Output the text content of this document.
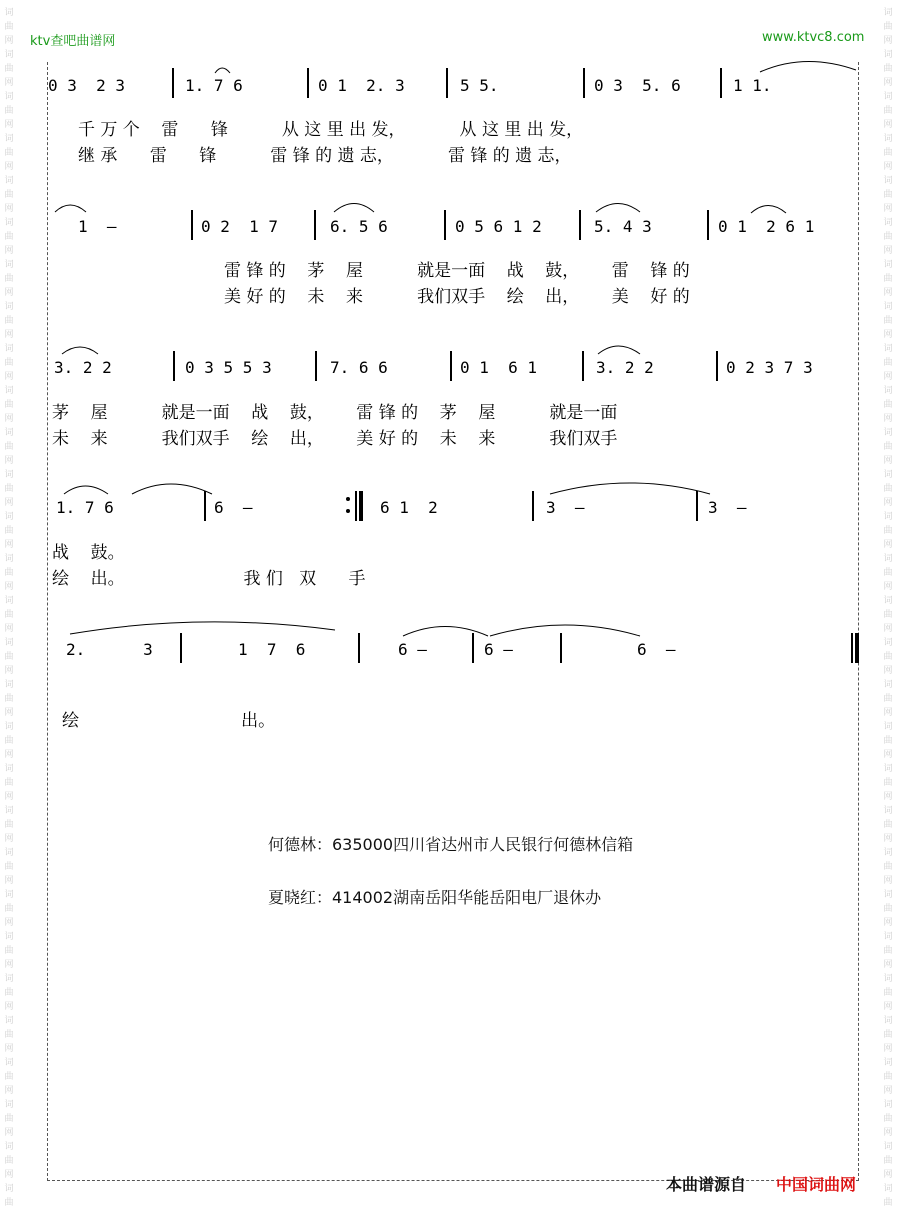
词
曲
网
词
曲
网
词
曲
网
词
曲
网
词
曲
网
词
曲
网
词
曲
网
词
曲
网
词
曲
网
词
曲
网
词
曲
网
词
曲
网
词
曲
网
词
曲
网
词
曲
网
词
曲
网
词
曲
网
词
曲
网
词
曲
网
词
曲
网
词
曲
网
词
曲
网
词
曲
网
词
曲
网
词
曲
网
词
曲
网
词
曲
网
词
曲
网
词
曲
词
曲
网
词
曲
网
词
曲
网
词
曲
网
词
曲
网
词
曲
网
词
曲
网
词
曲
网
词
曲
网
词
曲
网
词
曲
网
词
曲
网
词
曲
网
词
曲
网
词
曲
网
词
曲
网
词
曲
网
词
曲
网
词
曲
网
词
曲
网
词
曲
网
词
曲
网
词
曲
网
词
曲
网
词
曲
网
词
曲
网
词
曲
网
词
曲
网
词
曲
ktv查吧曲谱网	www.ktvc8.com
0 3  2 3	1. 7 6	0 1  2. 3	5 5.	0 3  5. 6	1 1.
千 万 个    雷      锋          从 这 里 出 发，          从 这 里 出 发，
继 承      雷      锋          雷 锋 的 遗 志，          雷 锋 的 遗 志，
1  –	0 2  1 7	6. 5 6	0 5 6 1 2	5. 4 3	0 1  2 6 1
雷 锋 的    茅    屋          就是一面    战    鼓，      雷    锋 的
美 好 的    未    来          我们双手    绘    出，      美    好 的
3. 2 2	0 3 5 5 3	7. 6 6	0 1  6 1	3. 2 2	0 2 3 7 3
茅    屋          就是一面    战    鼓，      雷 锋 的    茅    屋          就是一面
未    来          我们双手    绘    出，      美 好 的    未    来          我们双手
1. 7 6	6  –	6 1  2	3  –	3  –
战    鼓。
绘    出。                      我 们   双      手
2.      3	1  7  6	6 –	6 –	6  –
绘                              出。
何德林：635000四川省达州市人民银行何德林信箱
夏晓红：414002湖南岳阳华能岳阳电厂退休办
本曲谱源自 中国词曲网
